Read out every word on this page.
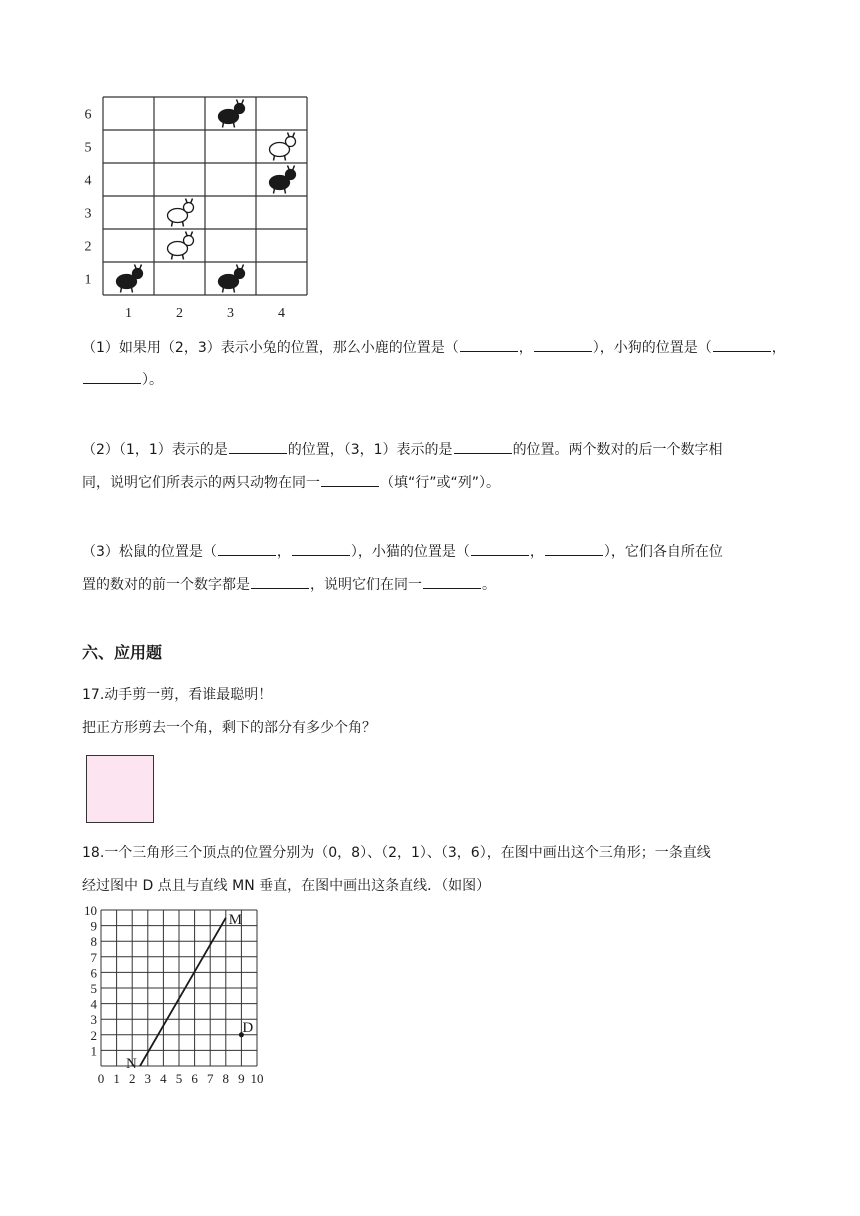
6
5
4
3
2
1
1	2	3	4
（1）如果用（2，3）表示小兔的位置，那么小鹿的位置是（	，	），小狗的位置是（	，
）。
（2）（1，1）表示的是	的位置，（3，1）表示的是	的位置。两个数对的后一个数字相
同，说明它们所表示的两只动物在同一	（填“行”或“列”）。
（3）松鼠的位置是（	，	），小猫的位置是（	，	），它们各自所在位
置的数对的前一个数字都是	，说明它们在同一	。
六、应用题
17.动手剪一剪，看谁最聪明！
把正方形剪去一个角，剩下的部分有多少个角？
18.一个三角形三个顶点的位置分别为（0，8）、（2，1）、（3，6），在图中画出这个三角形；一条直线
经过图中 D 点且与直线 MN 垂直，在图中画出这条直线．（如图）
0 1 2 3 4 5 6 7 8 9 10
1
2
3
4
5
6
7
8
9
10
M
N
D
